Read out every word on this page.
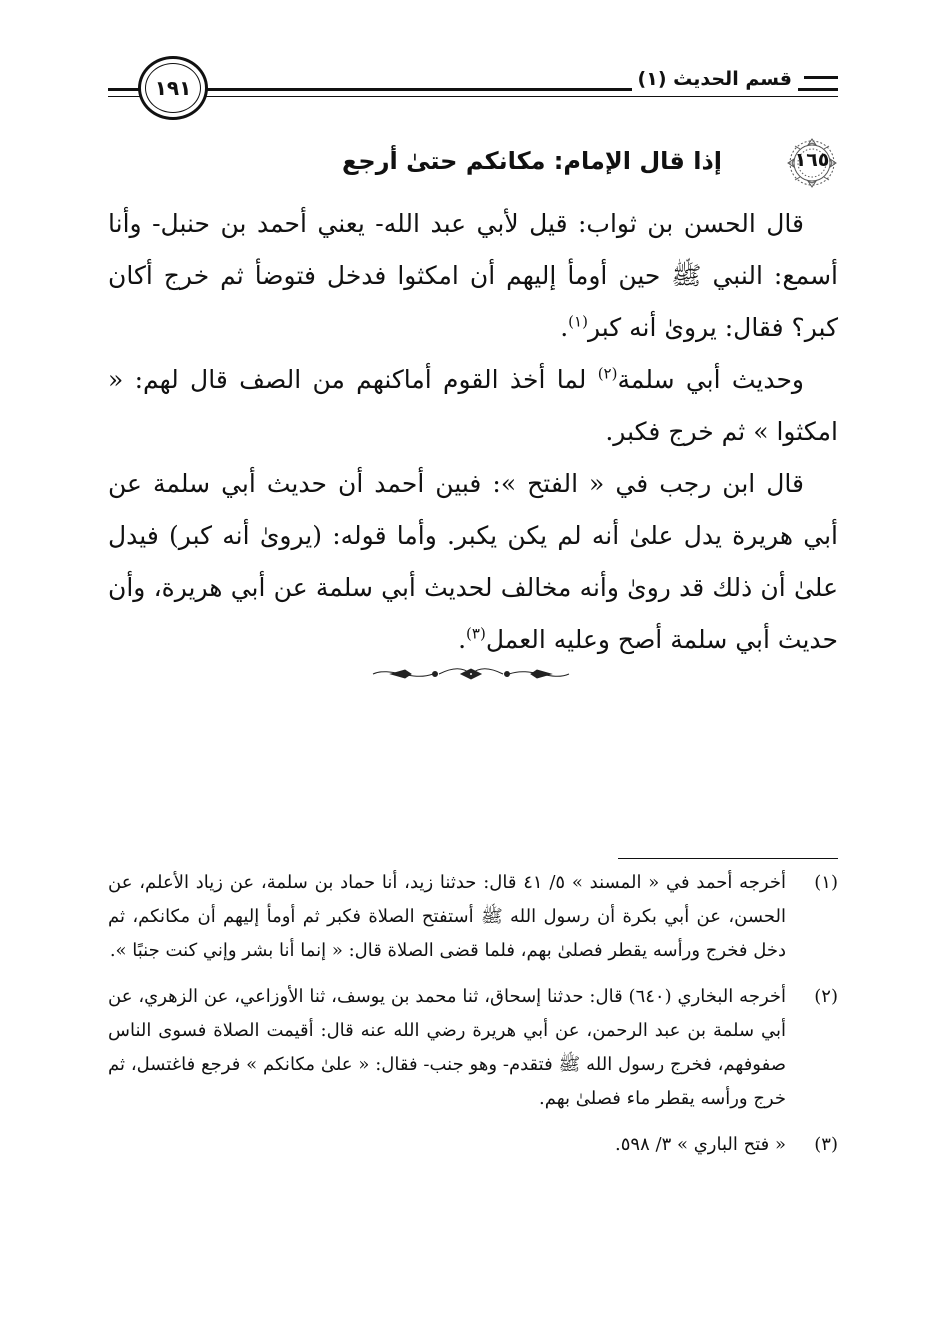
قسم الحديث (١)
١٩١
١٦٥
إذا قال الإمام: مكانكم حتىٰ أرجع

قال الحسن بن ثواب: قيل لأبي عبد الله- يعني أحمد بن حنبل- وأنا أسمع: النبي ﷺ حين أومأ إليهم أن امكثوا فدخل فتوضأ ثم خرج أكان كبر؟ فقال: يروىٰ أنه كبر$^{(١)}$.

وحديث أبي سلمة$^{(٢)}$ لما أخذ القوم أماكنهم من الصف قال لهم: « امكثوا » ثم خرج فكبر.

قال ابن رجب في « الفتح »: فبين أحمد أن حديث أبي سلمة عن أبي هريرة يدل علىٰ أنه لم يكن يكبر. وأما قوله: (يروىٰ أنه كبر) فيدل علىٰ أن ذلك قد روىٰ وأنه مخالف لحديث أبي سلمة عن أبي هريرة، وأن حديث أبي سلمة أصح وعليه العمل$^{(٣)}$.

(١)
أخرجه أحمد في « المسند » ٥/ ٤١ قال: حدثنا زيد، أنا حماد بن سلمة، عن زياد الأعلم، عن الحسن، عن أبي بكرة أن رسول الله ﷺ أستفتح الصلاة فكبر ثم أومأ إليهم أن مكانكم، ثم دخل فخرج ورأسه يقطر فصلىٰ بهم، فلما قضى الصلاة قال: « إنما أنا بشر وإني كنت جنبًا ».
(٢)
أخرجه البخاري (٦٤٠) قال: حدثنا إسحاق، ثنا محمد بن يوسف، ثنا الأوزاعي، عن الزهري، عن أبي سلمة بن عبد الرحمن، عن أبي هريرة رضي الله عنه قال: أقيمت الصلاة فسوى الناس صفوفهم، فخرج رسول الله ﷺ فتقدم- وهو جنب- فقال: « علىٰ مكانكم » فرجع فاغتسل، ثم خرج ورأسه يقطر ماء فصلىٰ بهم.
(٣)
« فتح الباري » ٣/ ٥٩٨.
